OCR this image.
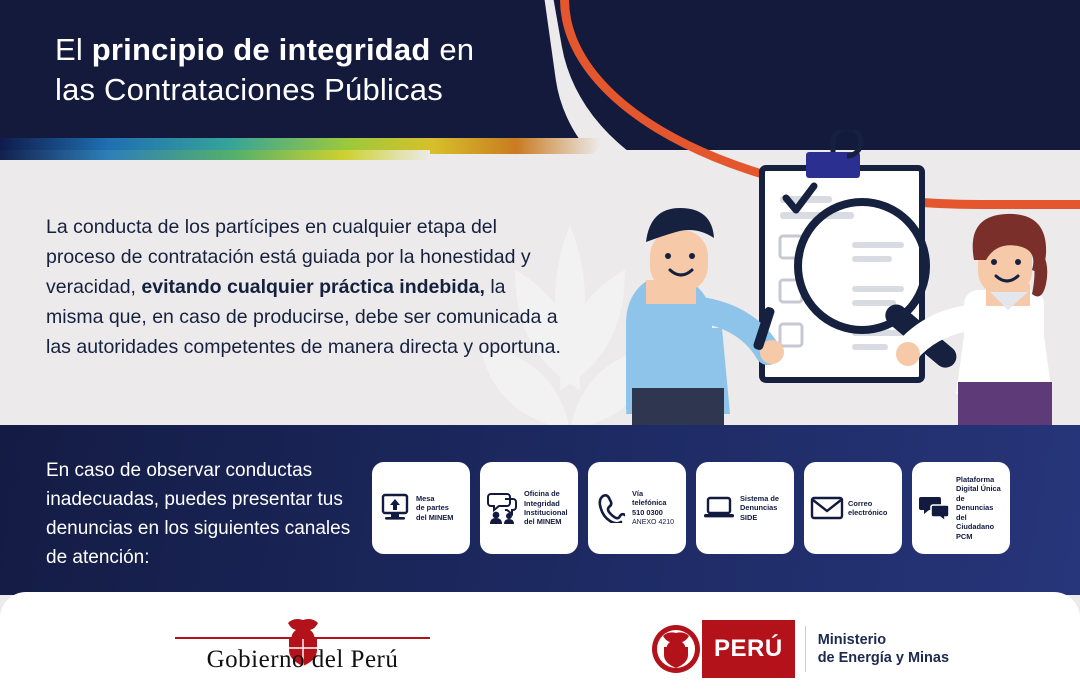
El principio de integridad en
las Contrataciones Públicas
La conducta de los partícipes en cualquier etapa del proceso de contratación está guiada por la honestidad y veracidad, evitando cualquier práctica indebida, la misma que, en caso de producirse, debe ser comunicada a las autoridades competentes de manera directa y oportuna.
En caso de observar conductas inadecuadas, puedes presentar tus denuncias en los siguientes canales de atención:
Mesa
de partes
del MINEM
Oficina de
Integridad
Institucional
del MINEM
Vía
telefónica
510 0300
ANEXO 4210
Sistema de
Denuncias
SIDE
Correo
electrónico
Plataforma
Digital Única
de Denuncias
del Ciudadano PCM
Gobierno del Perú	PERÚ	Ministerio
de Energía y Minas
